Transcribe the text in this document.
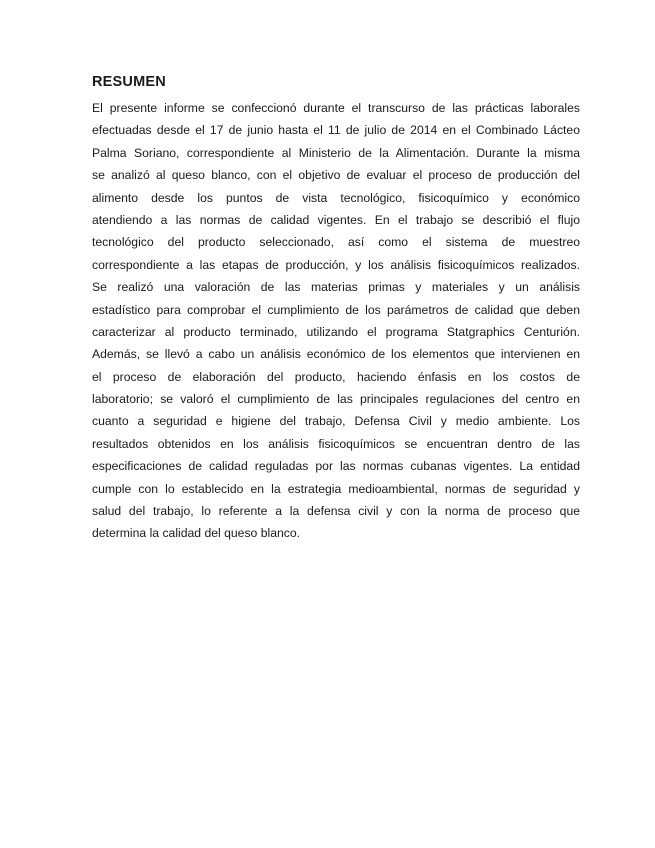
RESUMEN

El presente informe se confeccionó durante el transcurso de las prácticas laborales
efectuadas desde el 17 de junio hasta el 11 de julio de 2014 en el Combinado Lácteo
Palma Soriano, correspondiente al Ministerio de la Alimentación. Durante la misma
se analizó al queso blanco, con el objetivo de evaluar el proceso de producción del
alimento desde los puntos de vista tecnológico, fisicoquímico y económico
atendiendo a las normas de calidad vigentes. En el trabajo se describió el flujo
tecnológico del producto seleccionado, así como el sistema de muestreo
correspondiente a las etapas de producción, y los análisis fisicoquímicos realizados.
Se realizó una valoración de las materias primas y materiales y un análisis
estadístico para comprobar el cumplimiento de los parámetros de calidad que deben
caracterizar al producto terminado, utilizando el programa Statgraphics Centurión.
Además, se llevó a cabo un análisis económico de los elementos que intervienen en
el proceso de elaboración del producto, haciendo énfasis en los costos de
laboratorio; se valoró el cumplimiento de las principales regulaciones del centro en
cuanto a seguridad e higiene del trabajo, Defensa Civil y medio ambiente. Los
resultados obtenidos en los análisis fisicoquímicos se encuentran dentro de las
especificaciones de calidad reguladas por las normas cubanas vigentes. La entidad
cumple con lo establecido en la estrategia medioambiental, normas de seguridad y
salud del trabajo, lo referente a la defensa civil y con la norma de proceso que
determina la calidad del queso blanco.
